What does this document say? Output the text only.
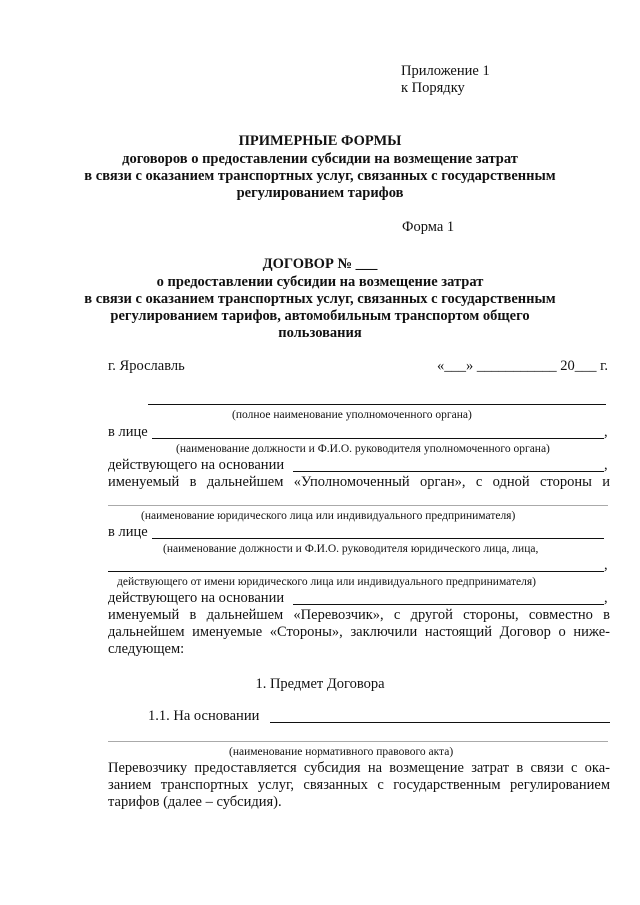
Приложение 1
к Порядку
ПРИМЕРНЫЕ ФОРМЫ
договоров о предоставлении субсидии на возмещение затрат
в связи с оказанием транспортных услуг, связанных с государственным
регулированием тарифов
Форма 1
ДОГОВОР № ___
о предоставлении субсидии на возмещение затрат
в связи с оказанием транспортных услуг, связанных с государственным
регулированием тарифов, автомобильным транспортом общего
пользования
г. Ярославль	«___» ___________ 20___ г.
(полное наименование уполномоченного органа)
в лице	,
(наименование должности и Ф.И.О. руководителя уполномоченного органа)
действующего на основании	,
именуемый в дальнейшем «Уполномоченный орган», с одной стороны и
(наименование юридического лица или индивидуального предпринимателя)
в лице
(наименование должности и Ф.И.О. руководителя юридического лица, лица,
,
действующего от имени юридического лица или индивидуального предпринимателя)
действующего на основании	,
именуемый в дальнейшем «Перевозчик», с другой стороны, совместно в
дальнейшем именуемые «Стороны», заключили настоящий Договор о ниже-
следующем:
1. Предмет Договора
1.1. На основании
(наименование нормативного правового акта)
Перевозчику предоставляется субсидия на возмещение затрат в связи с ока-
занием транспортных услуг, связанных с государственным регулированием
тарифов (далее – субсидия).
